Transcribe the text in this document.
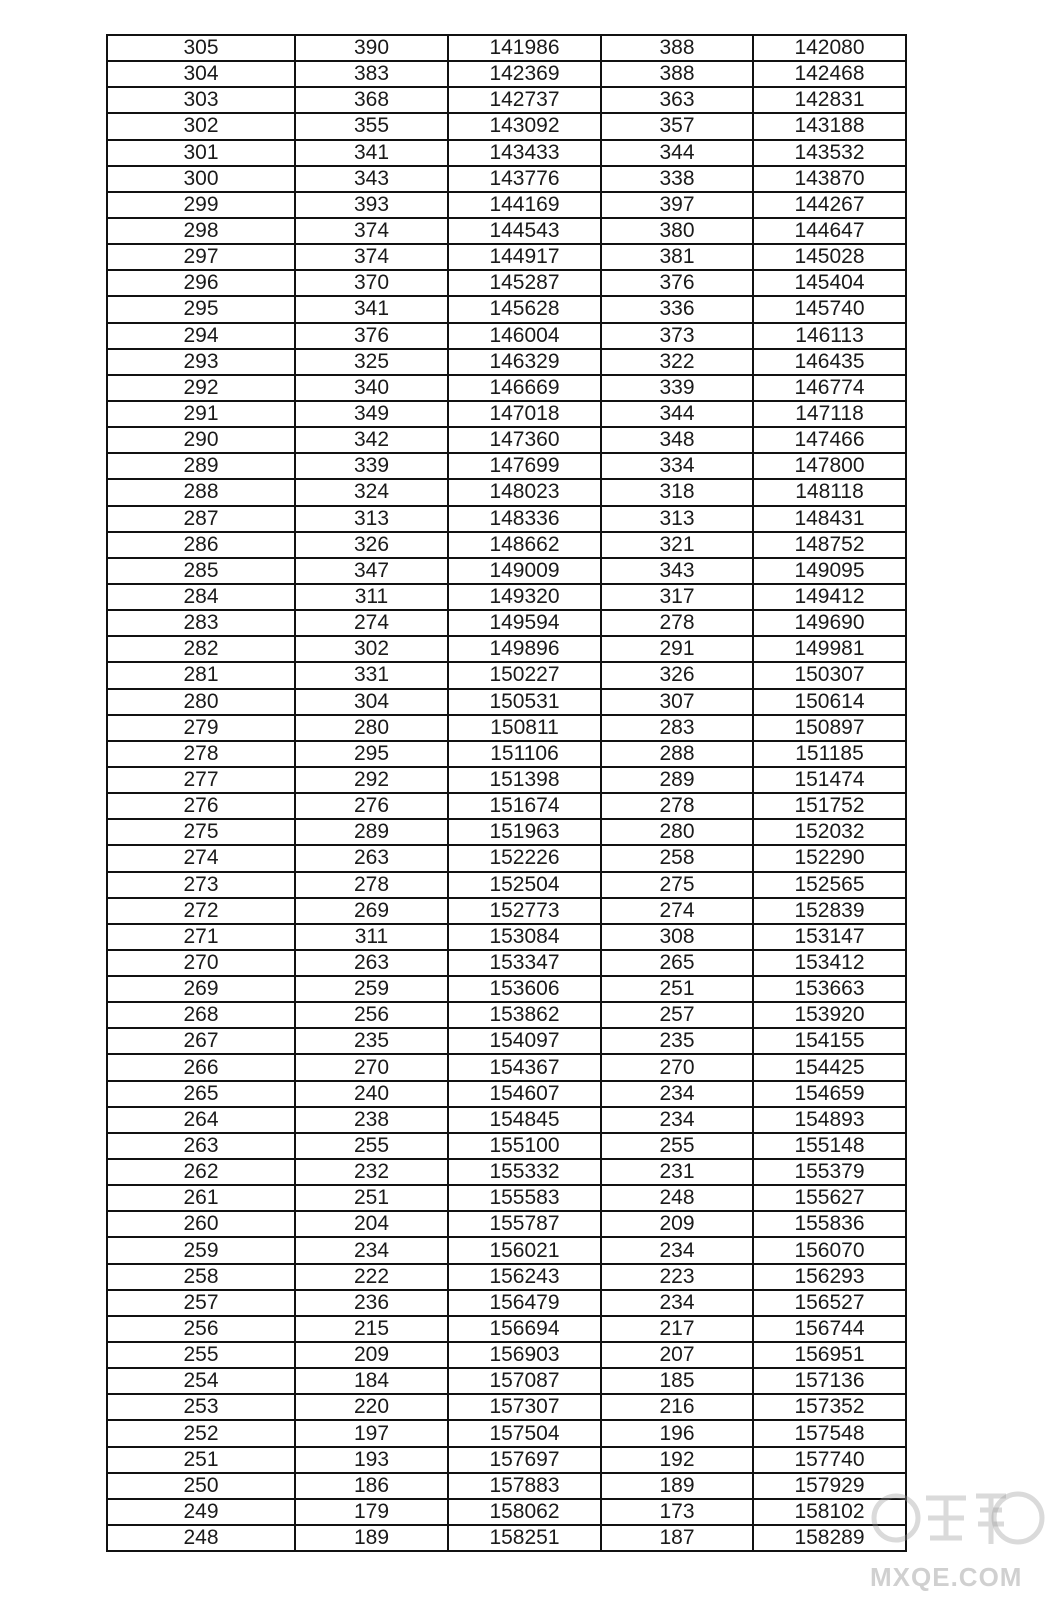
305	390	141986	388	142080
304	383	142369	388	142468
303	368	142737	363	142831
302	355	143092	357	143188
301	341	143433	344	143532
300	343	143776	338	143870
299	393	144169	397	144267
298	374	144543	380	144647
297	374	144917	381	145028
296	370	145287	376	145404
295	341	145628	336	145740
294	376	146004	373	146113
293	325	146329	322	146435
292	340	146669	339	146774
291	349	147018	344	147118
290	342	147360	348	147466
289	339	147699	334	147800
288	324	148023	318	148118
287	313	148336	313	148431
286	326	148662	321	148752
285	347	149009	343	149095
284	311	149320	317	149412
283	274	149594	278	149690
282	302	149896	291	149981
281	331	150227	326	150307
280	304	150531	307	150614
279	280	150811	283	150897
278	295	151106	288	151185
277	292	151398	289	151474
276	276	151674	278	151752
275	289	151963	280	152032
274	263	152226	258	152290
273	278	152504	275	152565
272	269	152773	274	152839
271	311	153084	308	153147
270	263	153347	265	153412
269	259	153606	251	153663
268	256	153862	257	153920
267	235	154097	235	154155
266	270	154367	270	154425
265	240	154607	234	154659
264	238	154845	234	154893
263	255	155100	255	155148
262	232	155332	231	155379
261	251	155583	248	155627
260	204	155787	209	155836
259	234	156021	234	156070
258	222	156243	223	156293
257	236	156479	234	156527
256	215	156694	217	156744
255	209	156903	207	156951
254	184	157087	185	157136
253	220	157307	216	157352
252	197	157504	196	157548
251	193	157697	192	157740
250	186	157883	189	157929
249	179	158062	173	158102
248	189	158251	187	158289
MXQE.COM
